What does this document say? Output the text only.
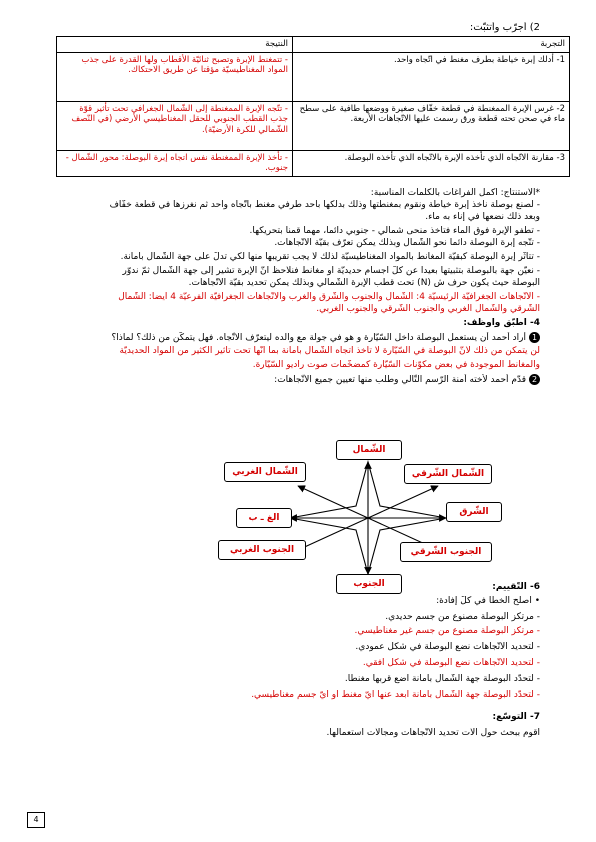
2) أجرّب وأتثبّت:
التجربة	النتيجة
1- أدلك إبرة خياطة بطرف مغنط في اتّجاه واحد.	- تتمغنط الإبرة وتصبح ثنائيّة الأقطاب ولها القدرة على جذب المواد المغناطيسيّة مؤقتا عن طريق الاحتكاك.
2- غرس الإبرة الممغنطة في قطعة خفّاف صغيرة ووضعها طافية على سطح ماء في صحن تحته قطعة ورق رسمت عليها الاتّجاهات الأربعة.	- تتّجه الإبرة الممغنطة إلى الشّمال الجغرافي تحت تأثير قوّة جذب القطب الجنوبي للحقل المغناطيسي الأرضي (في النّصف الشّمالي للكرة الأرضيّة).
3- مقارنة الاتّجاه الذي تأخذه الإبرة بالاتّجاه الذي تأخذه البوصلة.	- تأخذ الإبرة الممغنطة نفس اتجاه إبرة البوصلة: محور الشّمال - جنوب.
*الاستنتاج: أكمل الفراغات بالكلمات المناسبة:
- لصنع بوصلة نأخذ إبرة خياطة ونقوم بمغنطتها وذلك بدلكها بأحد طرفي مغنط باتّجاه واحد ثم نغرزها في قطعة خفّاف
وبعد ذلك نضعها في إناء به ماء.
- تطفو الإبرة فوق الماء فتأخذ منحى شمالي - جنوبي دائما، مهما قمنا بتحريكها.
- تتّجه إبرة البوصلة دائما نحو الشّمال وبذلك يمكن تعرّف بقيّة الاتّجاهات.
- تتأثّر إبرة البوصلة كبقيّة المغانط بالمواد المغناطيسيّة لذلك لا يجب تقريبها منها لكي تدلّ على جهة الشّمال بأمانة.
- نعيّن جهة بالبوصلة بتثبيتها بعيدا عن كلّ أجسام حديديّة أو مغانط فنلاحظ أنّ الإبرة تشير إلى جهة الشّمال ثمّ ندوّر
البوصلة حيث يكون حرف ش (N) تحت قطب الإبرة الشّمالي وبذلك يمكن تحديد بقيّة الاتّجاهات.
- الاتّجاهات الجغرافيّة الرئيسيّة 4: الشّمال والجنوب والشّرق والغرب والاتّجاهات الجغرافيّة الفرعيّة 4 أيضا: الشّمال
الشّرقي والشّمال الغربي والجنوب الشّرقي والجنوب الغربي.
4- أطبّق وأوظّف:
1أراد أحمد أن يستعمل البوصلة داخل السّيّارة و هو في جولة مع والده ليتعرّف الاتّجاه. فهل يتمكّن من ذلك؟ لماذا؟
لن يتمكّن من ذلك لأنّ البوصلة في السّيّارة لا تأخذ اتجاه الشّمال بأمانة بما أنّها تحت تأثير الكثير من المواد الحديديّة
والمغانط الموجودة في بعض مكوّنات السّيّارة كمضخّمات صوت راديو السّيّارة.
2قدّم أحمد لأخته أمنة الرّسم التّالي وطلب منها تعيين جميع الاتّجاهات:
الشّمال
الجنوب
الشّرق
الغ ـ ب
الشّمال الشّرقي
الشّمال الغربي
الجنوب الشّرقي
الجنوب الغربي
6- التّقييم:
• أصلح الخطأ في كلّ إفادة:
- مرتكز البوصلة مصنوع من جسم حديدي.
- مرتكز البوصلة مصنوع من جسم غير مغناطيسي.
- لتحديد الاتّجاهات نضع البوصلة في شكل عمودي.
- لتحديد الاتّجاهات نضع البوصلة في شكل أفقي.
- لتحدّد البوصلة جهة الشّمال بأمانة أضع قربها مغنطا.
- لتحدّد البوصلة جهة الشّمال بأمانة أبعد عنها أيّ مغنط أو أيّ جسم مغناطيسي.
7- التوسّع:
أقوم ببحث حول آلات تحديد الاتّجاهات ومجالات استعمالها.
4
